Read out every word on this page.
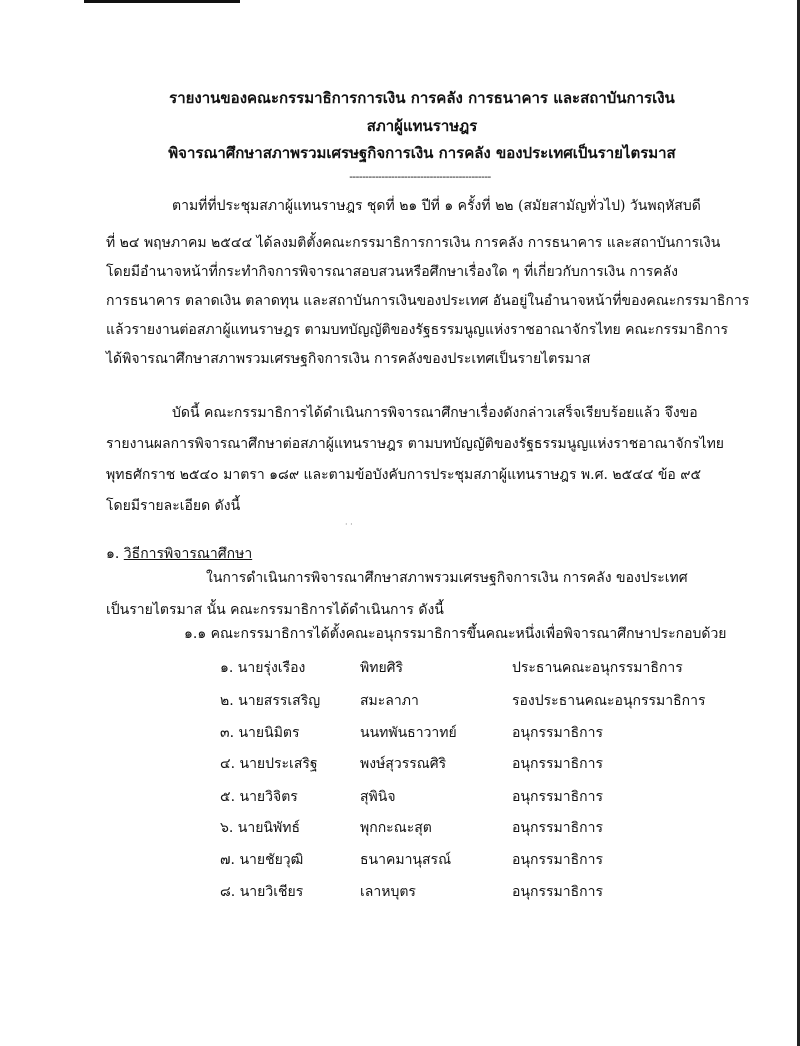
รายงานของคณะกรรมาธิการการเงิน การคลัง การธนาคาร และสถาบันการเงิน
สภาผู้แทนราษฎร
พิจารณาศึกษาสภาพรวมเศรษฐกิจการเงิน การคลัง ของประเทศเป็นรายไตรมาส
--------------------------------------------
ตามที่ที่ประชุมสภาผู้แทนราษฎร ชุดที่ ๒๑ ปีที่ ๑ ครั้งที่ ๒๒ (สมัยสามัญทั่วไป) วันพฤหัสบดี
ที่ ๒๔ พฤษภาคม ๒๕๔๔ ได้ลงมติตั้งคณะกรรมาธิการการเงิน การคลัง การธนาคาร และสถาบันการเงิน
โดยมีอำนาจหน้าที่กระทำกิจการพิจารณาสอบสวนหรือศึกษาเรื่องใด ๆ ที่เกี่ยวกับการเงิน การคลัง
การธนาคาร ตลาดเงิน ตลาดทุน และสถาบันการเงินของประเทศ อันอยู่ในอำนาจหน้าที่ของคณะกรรมาธิการ
แล้วรายงานต่อสภาผู้แทนราษฎร ตามบทบัญญัติของรัฐธรรมนูญแห่งราชอาณาจักรไทย คณะกรรมาธิการ
ได้พิจารณาศึกษาสภาพรวมเศรษฐกิจการเงิน การคลังของประเทศเป็นรายไตรมาส
บัดนี้ คณะกรรมาธิการได้ดำเนินการพิจารณาศึกษาเรื่องดังกล่าวเสร็จเรียบร้อยแล้ว จึงขอ
รายงานผลการพิจารณาศึกษาต่อสภาผู้แทนราษฎร ตามบทบัญญัติของรัฐธรรมนูญแห่งราชอาณาจักรไทย
พุทธศักราช ๒๕๔๐ มาตรา ๑๘๙ และตามข้อบังคับการประชุมสภาผู้แทนราษฎร พ.ศ. ๒๕๔๔ ข้อ ๙๕
โดยมีรายละเอียด ดังนี้
· ·
๑. วิธีการพิจารณาศึกษา
ในการดำเนินการพิจารณาศึกษาสภาพรวมเศรษฐกิจการเงิน การคลัง ของประเทศ
เป็นรายไตรมาส นั้น คณะกรรมาธิการได้ดำเนินการ ดังนี้
๑.๑ คณะกรรมาธิการได้ตั้งคณะอนุกรรมาธิการขึ้นคณะหนึ่งเพื่อพิจารณาศึกษาประกอบด้วย
๑. นายรุ่งเรือง	พิทยศิริ	ประธานคณะอนุกรรมาธิการ
๒. นายสรรเสริญ	สมะลาภา	รองประธานคณะอนุกรรมาธิการ
๓. นายนิมิตร	นนทพันธาวาทย์	อนุกรรมาธิการ
๔. นายประเสริฐ	พงษ์สุวรรณศิริ	อนุกรรมาธิการ
๕. นายวิจิตร	สุพินิจ	อนุกรรมาธิการ
๖. นายนิพัทธ์	พุกกะณะสุต	อนุกรรมาธิการ
๗. นายชัยวุฒิ	ธนาคมานุสรณ์	อนุกรรมาธิการ
๘. นายวิเชียร	เลาหบุตร	อนุกรรมาธิการ
